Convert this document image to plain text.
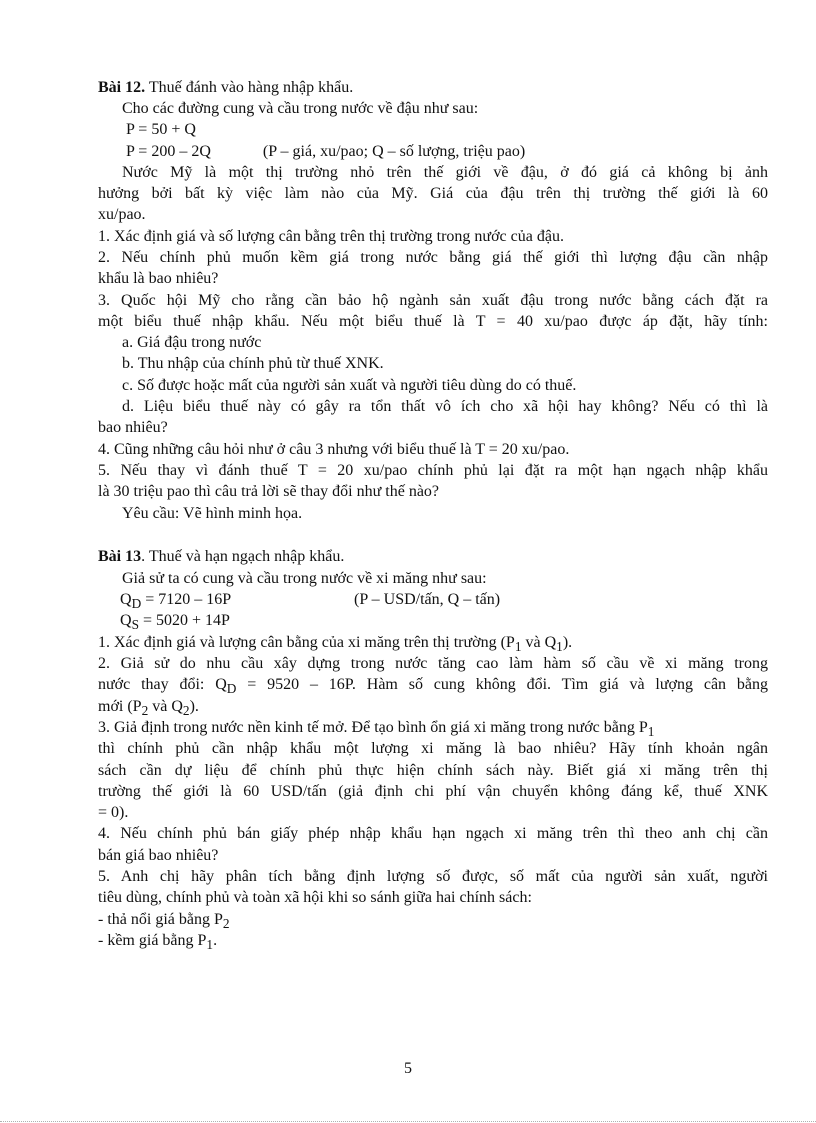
Bài 12. Thuế đánh vào hàng nhập khẩu.
Cho các đường cung và cầu trong nước về đậu như sau:
P = 50 + Q
P = 200 – 2Q	(P – giá, xu/pao; Q – số lượng, triệu pao)
Nước Mỹ là một thị trường nhỏ trên thế giới về đậu, ở đó giá cả không bị ảnh
hưởng bởi bất kỳ việc làm nào của Mỹ. Giá của đậu trên thị trường thế giới là 60
xu/pao.
1. Xác định giá và số lượng cân bằng trên thị trường trong nước của đậu.
2. Nếu chính phủ muốn kềm giá trong nước bằng giá thế giới thì lượng đậu cần nhập
khẩu là bao nhiêu?
3. Quốc hội Mỹ cho rằng cần bảo hộ ngành sản xuất đậu trong nước bằng cách đặt ra
một biểu thuế nhập khẩu. Nếu một biểu thuế là T = 40 xu/pao được áp đặt, hãy tính:
a. Giá đậu trong nước
b. Thu nhập của chính phủ từ thuế XNK.
c. Số được hoặc mất của người sản xuất và người tiêu dùng do có thuế.
d. Liệu biểu thuế này có gây ra tổn thất vô ích cho xã hội hay không? Nếu có thì là
bao nhiêu?
4. Cũng những câu hỏi như ở câu 3 nhưng với biểu thuế là T = 20 xu/pao.
5. Nếu thay vì đánh thuế T = 20 xu/pao chính phủ lại đặt ra một hạn ngạch nhập khẩu
là 30 triệu pao thì câu trả lời sẽ thay đổi như thế nào?
Yêu cầu: Vẽ hình minh họa.
Bài 13. Thuế và hạn ngạch nhập khẩu.
Giả sử ta có cung và cầu trong nước về xi măng như sau:
$Q_D = 7120 - 16P$	(P – USD/tấn, Q – tấn)
$Q_S = 5020 + 14P$
1. Xác định giá và lượng cân bằng của xi măng trên thị trường ($P_1$ và $Q_1$).
2. Giả sử do nhu cầu xây dựng trong nước tăng cao làm hàm số cầu về xi măng trong
nước thay đổi: $Q_D = 9520 - 16P$. Hàm số cung không đổi. Tìm giá và lượng cân bằng
mới ($P_2$ và $Q_2$).
3. Giả định trong nước nền kinh tế mở. Để tạo bình ổn giá xi măng trong nước bằng $P_1$
thì chính phủ cần nhập khẩu một lượng xi măng là bao nhiêu? Hãy tính khoản ngân
sách cần dự liệu để chính phủ thực hiện chính sách này. Biết giá xi măng trên thị
trường thế giới là 60 USD/tấn (giả định chi phí vận chuyển không đáng kể, thuế XNK
= 0).
4. Nếu chính phủ bán giấy phép nhập khẩu hạn ngạch xi măng trên thì theo anh chị cần
bán giá bao nhiêu?
5. Anh chị hãy phân tích bằng định lượng số được, số mất của người sản xuất, người
tiêu dùng, chính phủ và toàn xã hội khi so sánh giữa hai chính sách:
- thả nổi giá bằng $P_2$
- kềm giá bằng $P_1$.
5
